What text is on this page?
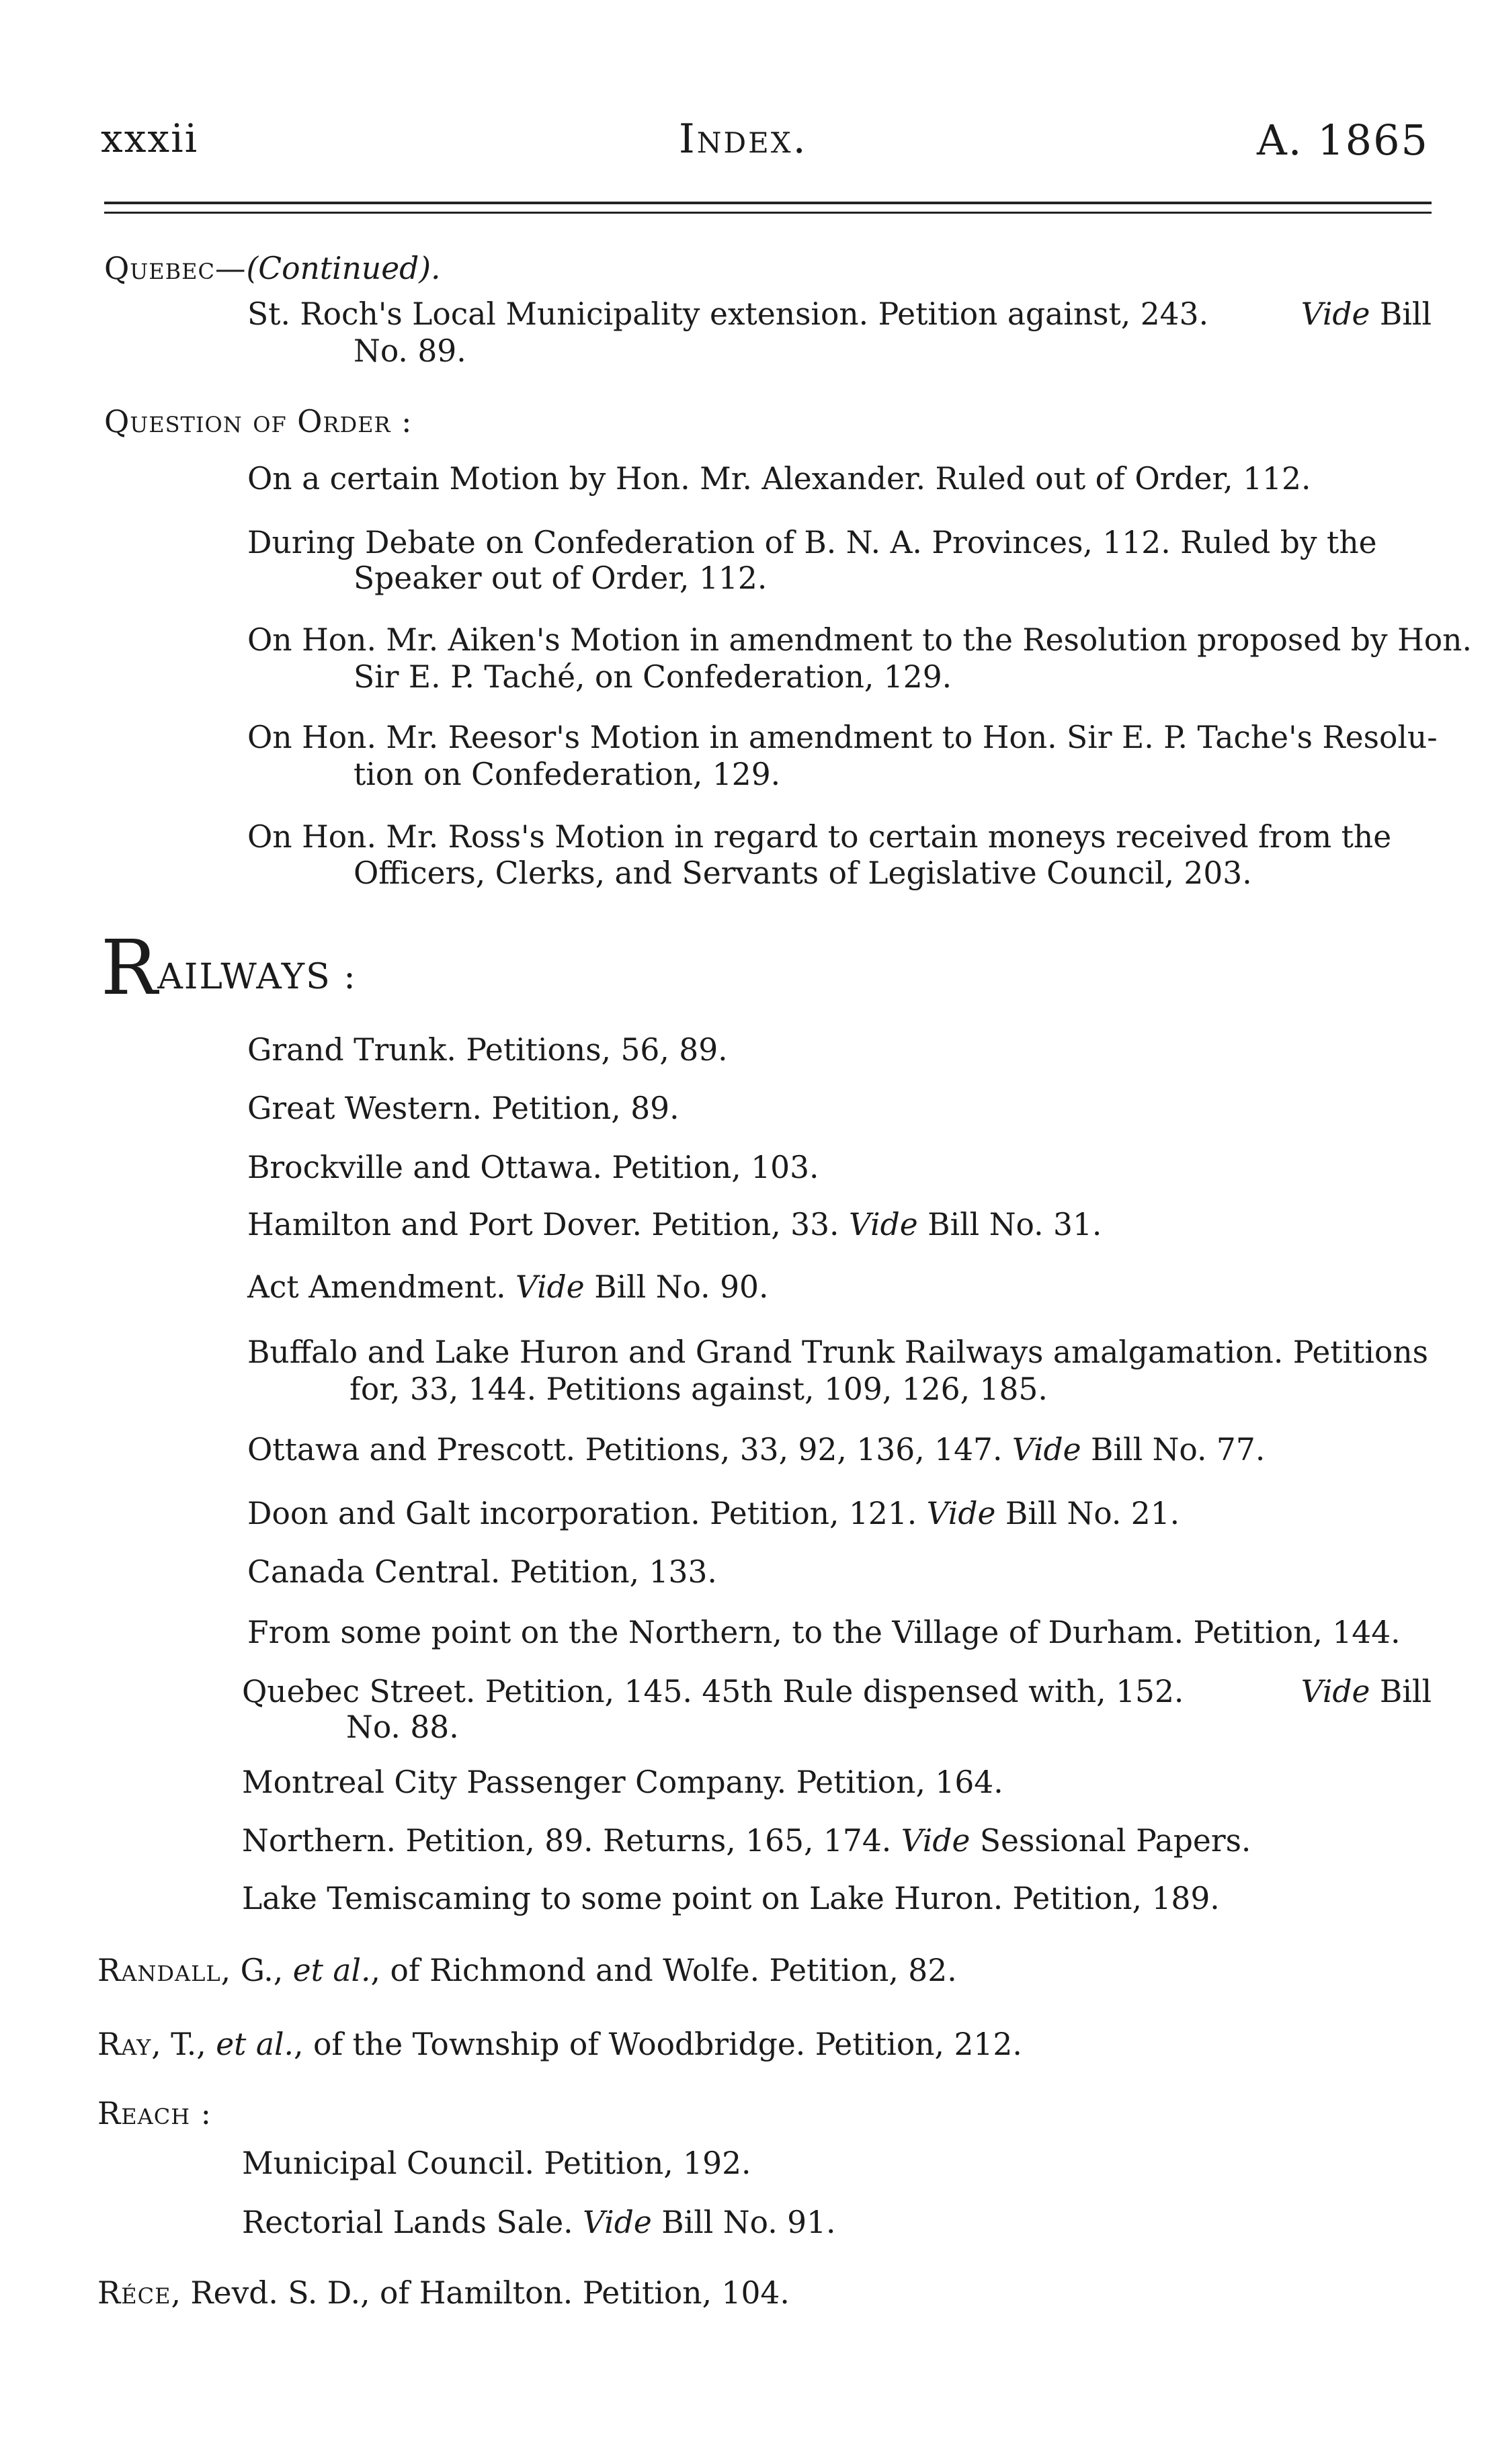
xxxii	Index.	A. 1865
Quebec—(Continued).
St. Roch's Local Municipality extension. Petition against, 243.	Vide Bill
No. 89.
Question of Order :
On a certain Motion by Hon. Mr. Alexander. Ruled out of Order, 112.
During Debate on Confederation of B. N. A. Provinces, 112. Ruled by the
Speaker out of Order, 112.
On Hon. Mr. Aiken's Motion in amendment to the Resolution proposed by Hon.
Sir E. P. Taché, on Confederation, 129.
On Hon. Mr. Reesor's Motion in amendment to Hon. Sir E. P. Tache's Resolu-
tion on Confederation, 129.
On Hon. Mr. Ross's Motion in regard to certain moneys received from the
Officers, Clerks, and Servants of Legislative Council, 203.
RAILWAYS :
Grand Trunk. Petitions, 56, 89.
Great Western. Petition, 89.
Brockville and Ottawa. Petition, 103.
Hamilton and Port Dover. Petition, 33. Vide Bill No. 31.
Act Amendment. Vide Bill No. 90.
Buffalo and Lake Huron and Grand Trunk Railways amalgamation. Petitions
for, 33, 144. Petitions against, 109, 126, 185.
Ottawa and Prescott. Petitions, 33, 92, 136, 147. Vide Bill No. 77.
Doon and Galt incorporation. Petition, 121. Vide Bill No. 21.
Canada Central. Petition, 133.
From some point on the Northern, to the Village of Durham. Petition, 144.
Quebec Street. Petition, 145. 45th Rule dispensed with, 152.	Vide Bill
No. 88.
Montreal City Passenger Company. Petition, 164.
Northern. Petition, 89. Returns, 165, 174. Vide Sessional Papers.
Lake Temiscaming to some point on Lake Huron. Petition, 189.
Randall, G., et al., of Richmond and Wolfe. Petition, 82.
Ray, T., et al., of the Township of Woodbridge. Petition, 212.
Reach :
Municipal Council. Petition, 192.
Rectorial Lands Sale. Vide Bill No. 91.
Réce, Revd. S. D., of Hamilton. Petition, 104.
